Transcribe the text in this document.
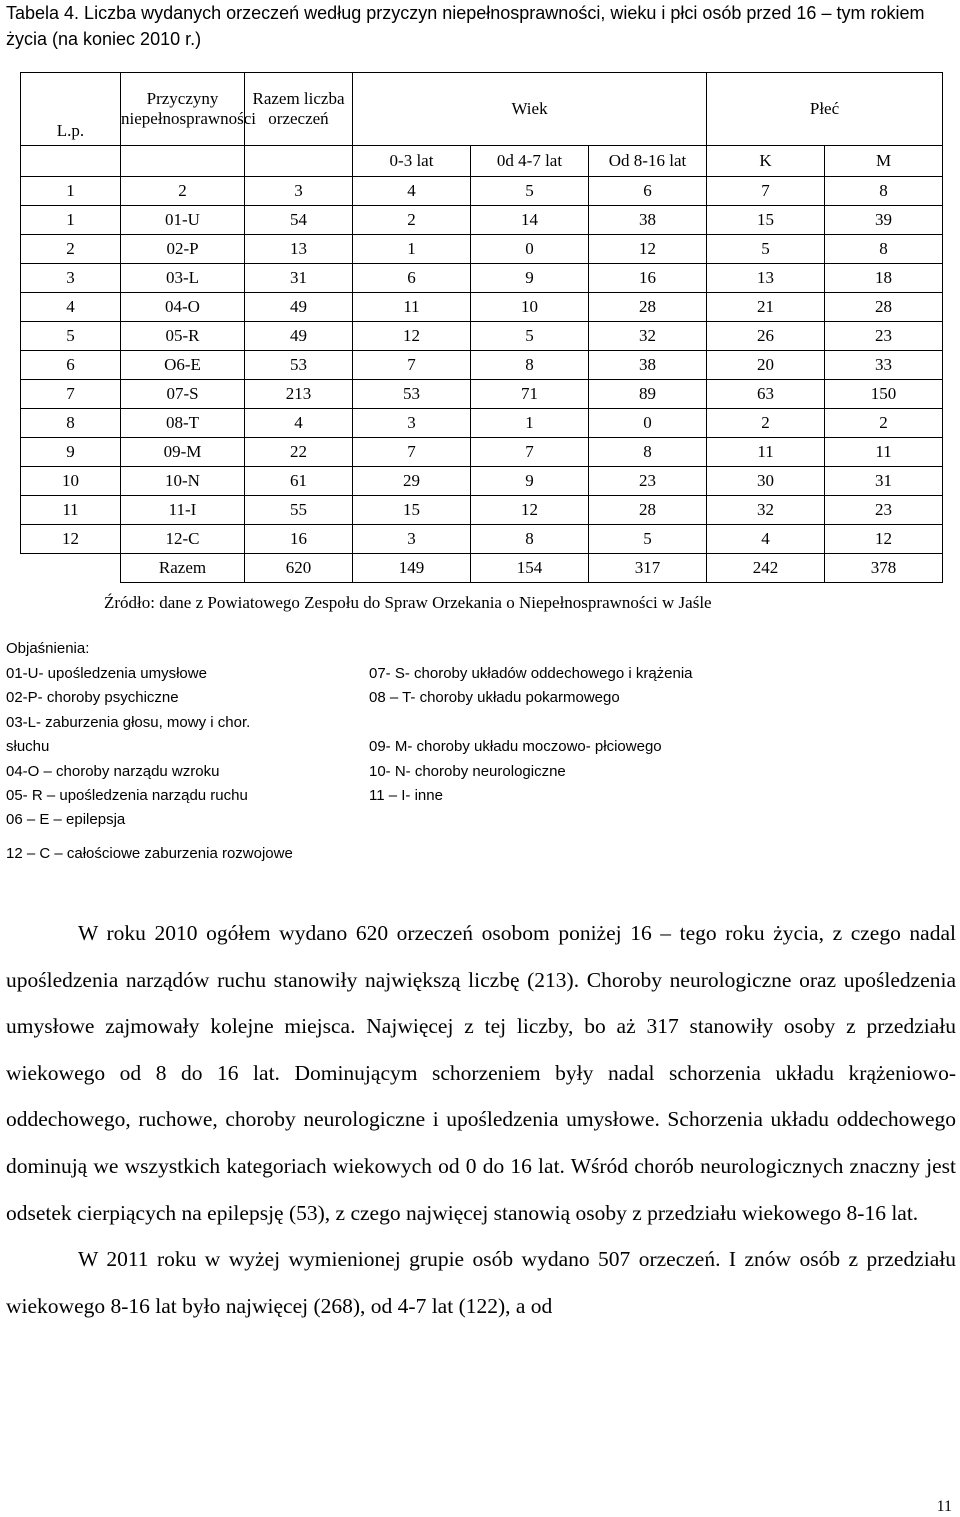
Tabela 4. Liczba wydanych orzeczeń według przyczyn niepełnosprawności, wieku i płci osób przed 16 – tym rokiem życia (na koniec 2010 r.)
L.p.	Przyczyny niepełnosprawności	Razem liczba orzeczeń	Wiek			Płeć	
			0-3 lat	0d 4-7 lat	Od 8-16 lat	K	M
1	2	3	4	5	6	7	8
1	01-U	54	2	14	38	15	39
2	02-P	13	1	0	12	5	8
3	03-L	31	6	9	16	13	18
4	04-O	49	11	10	28	21	28
5	05-R	49	12	5	32	26	23
6	O6-E	53	7	8	38	20	33
7	07-S	213	53	71	89	63	150
8	08-T	4	3	1	0	2	2
9	09-M	22	7	7	8	11	11
10	10-N	61	29	9	23	30	31
11	11-I	55	15	12	28	32	23
12	12-C	16	3	8	5	4	12
	Razem	620	149	154	317	242	378
Źródło: dane z Powiatowego Zespołu do Spraw Orzekania o Niepełnosprawności w Jaśle
Objaśnienia:
01-U- upośledzenia umysłowe
02-P- choroby psychiczne
03-L- zaburzenia głosu, mowy i chor.
słuchu
04-O – choroby narządu wzroku
05- R – upośledzenia narządu ruchu
06 – E – epilepsja
07- S- choroby układów oddechowego i krążenia
08 – T- choroby układu pokarmowego

09- M- choroby układu moczowo- płciowego
10- N- choroby neurologiczne
11 – I- inne
12 – C – całościowe zaburzenia rozwojowe

W roku 2010 ogółem wydano 620 orzeczeń osobom poniżej 16 – tego roku życia, z czego nadal upośledzenia narządów ruchu stanowiły największą liczbę (213). Choroby neurologiczne oraz upośledzenia umysłowe zajmowały kolejne miejsca. Najwięcej z tej liczby, bo aż 317 stanowiły osoby z przedziału wiekowego od 8 do 16 lat. Dominującym schorzeniem były nadal schorzenia układu krążeniowo-oddechowego, ruchowe, choroby neurologiczne i upośledzenia umysłowe. Schorzenia układu oddechowego dominują we wszystkich kategoriach wiekowych od 0 do 16 lat. Wśród chorób neurologicznych znaczny jest odsetek cierpiących na epilepsję (53), z czego najwięcej stanowią osoby z przedziału wiekowego 8-16 lat.

W 2011 roku w wyżej wymienionej grupie osób wydano 507 orzeczeń. I znów osób z przedziału wiekowego 8-16 lat było najwięcej (268), od 4-7 lat (122), a od

11
